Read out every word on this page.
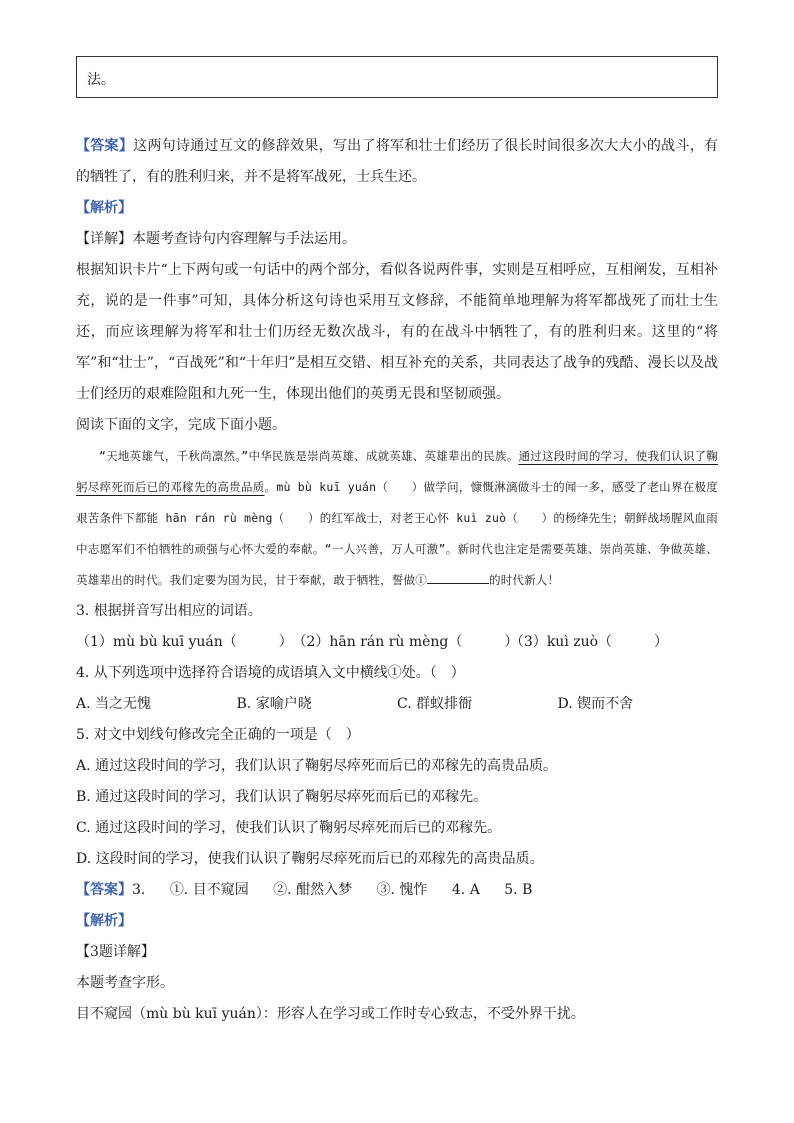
法。
【答案】这两句诗通过互文的修辞效果，写出了将军和壮士们经历了很长时间很多次大大小的战斗，有的牺牲了，有的胜利归来，并不是将军战死，士兵生还。
【解析】
【详解】本题考查诗句内容理解与手法运用。
根据知识卡片“上下两句或一句话中的两个部分，看似各说两件事，实则是互相呼应，互相阐发，互相补充，说的是一件事”可知，具体分析这句诗也采用互文修辞，不能简单地理解为将军都战死了而壮士生还，而应该理解为将军和壮士们历经无数次战斗，有的在战斗中牺牲了，有的胜利归来。这里的“将军”和“壮士”，“百战死”和“十年归”是相互交错、相互补充的关系，共同表达了战争的残酷、漫长以及战士们经历的艰难险阻和九死一生，体现出他们的英勇无畏和坚韧顽强。
阅读下面的文字，完成下面小题。
“天地英雄气，千秋尚凛然。”中华民族是崇尚英雄、成就英雄、英雄辈出的民族。通过这段时间的学习，使我们认识了鞠躬尽瘁死而后已的邓稼先的高贵品质。mù bù kuī yuán（　　）做学问，慷慨淋漓做斗士的闻一多，感受了老山界在极度艰苦条件下都能 hān rán rù mèng（　　）的红军战士，对老王心怀 kuì zuò（　　）的杨绛先生；朝鲜战场腥风血雨中志愿军们不怕牺牲的顽强与心怀大爱的奉献。“一人兴善，万人可激”。新时代也注定是需要英雄、崇尚英雄、争做英雄、英雄辈出的时代。我们定要为国为民，甘于奉献，敢于牺牲，誓做①	的时代新人！
3. 根据拼音写出相应的词语。
（1）mù bù kuī yuán（　　　） （2）hān rán rù mèng（　　　） （3）kuì zuò（　　　）
4. 从下列选项中选择符合语境的成语填入文中横线①处。（　）
A. 当之无愧	B. 家喻户晓	C. 群蚁排衙	D. 锲而不舍
5. 对文中划线句修改完全正确的一项是（　）
A. 通过这段时间的学习，我们认识了鞠躬尽瘁死而后已的邓稼先的高贵品质。
B. 通过这段时间的学习，我们认识了鞠躬尽瘁死而后已的邓稼先。
C. 通过这段时间的学习，使我们认识了鞠躬尽瘁死而后已的邓稼先。
D. 这段时间的学习，使我们认识了鞠躬尽瘁死而后已的邓稼先的高贵品质。
【答案】3. ①. 目不窥园 ②. 酣然入梦 ③. 愧怍 4. A 5. B
【解析】
【3题详解】
本题考查字形。
目不窥园（mù bù kuī yuán）：形容人在学习或工作时专心致志，不受外界干扰。
